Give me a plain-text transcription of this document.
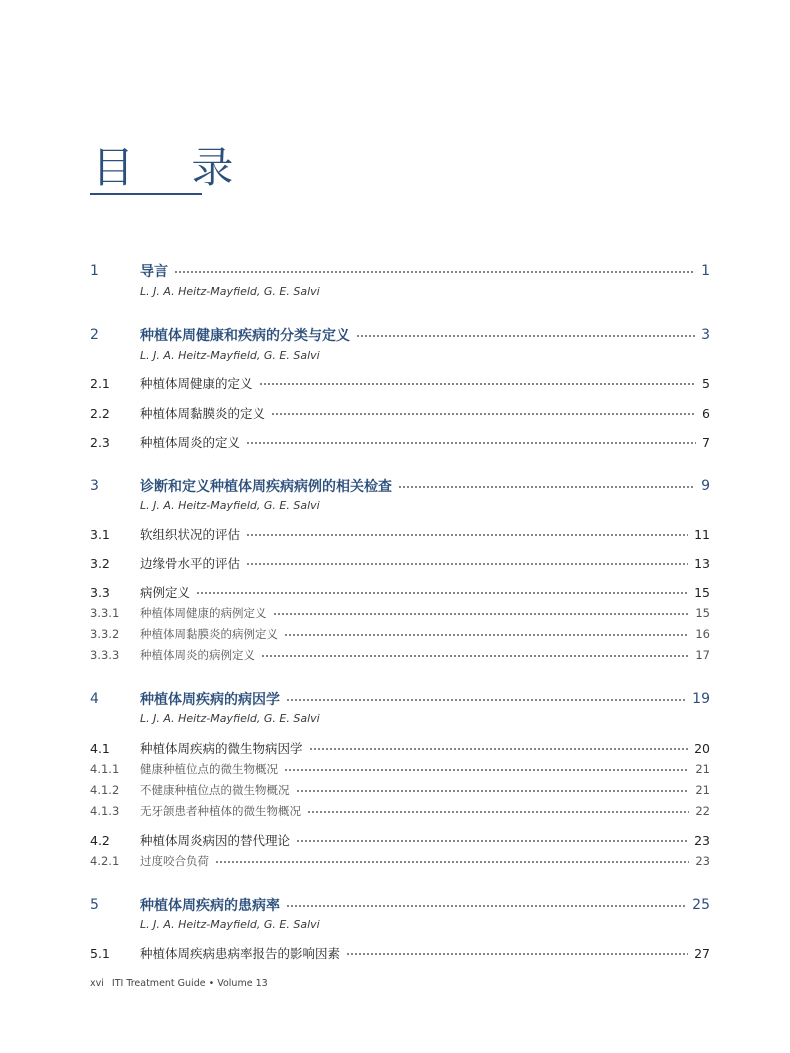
目 录
1	导言	1
L. J. A. Heitz-Mayfield, G. E. Salvi
2	种植体周健康和疾病的分类与定义	3
L. J. A. Heitz-Mayfield, G. E. Salvi
2.1	种植体周健康的定义	5
2.2	种植体周黏膜炎的定义	6
2.3	种植体周炎的定义	7
3	诊断和定义种植体周疾病病例的相关检查	9
L. J. A. Heitz-Mayfield, G. E. Salvi
3.1	软组织状况的评估	11
3.2	边缘骨水平的评估	13
3.3	病例定义	15
3.3.1	种植体周健康的病例定义	15
3.3.2	种植体周黏膜炎的病例定义	16
3.3.3	种植体周炎的病例定义	17
4	种植体周疾病的病因学	19
L. J. A. Heitz-Mayfield, G. E. Salvi
4.1	种植体周疾病的微生物病因学	20
4.1.1	健康种植位点的微生物概况	21
4.1.2	不健康种植位点的微生物概况	21
4.1.3	无牙颌患者种植体的微生物概况	22
4.2	种植体周炎病因的替代理论	23
4.2.1	过度咬合负荷	23
5	种植体周疾病的患病率	25
L. J. A. Heitz-Mayfield, G. E. Salvi
5.1	种植体周疾病患病率报告的影响因素	27
xvi ITI Treatment Guide • Volume 13
